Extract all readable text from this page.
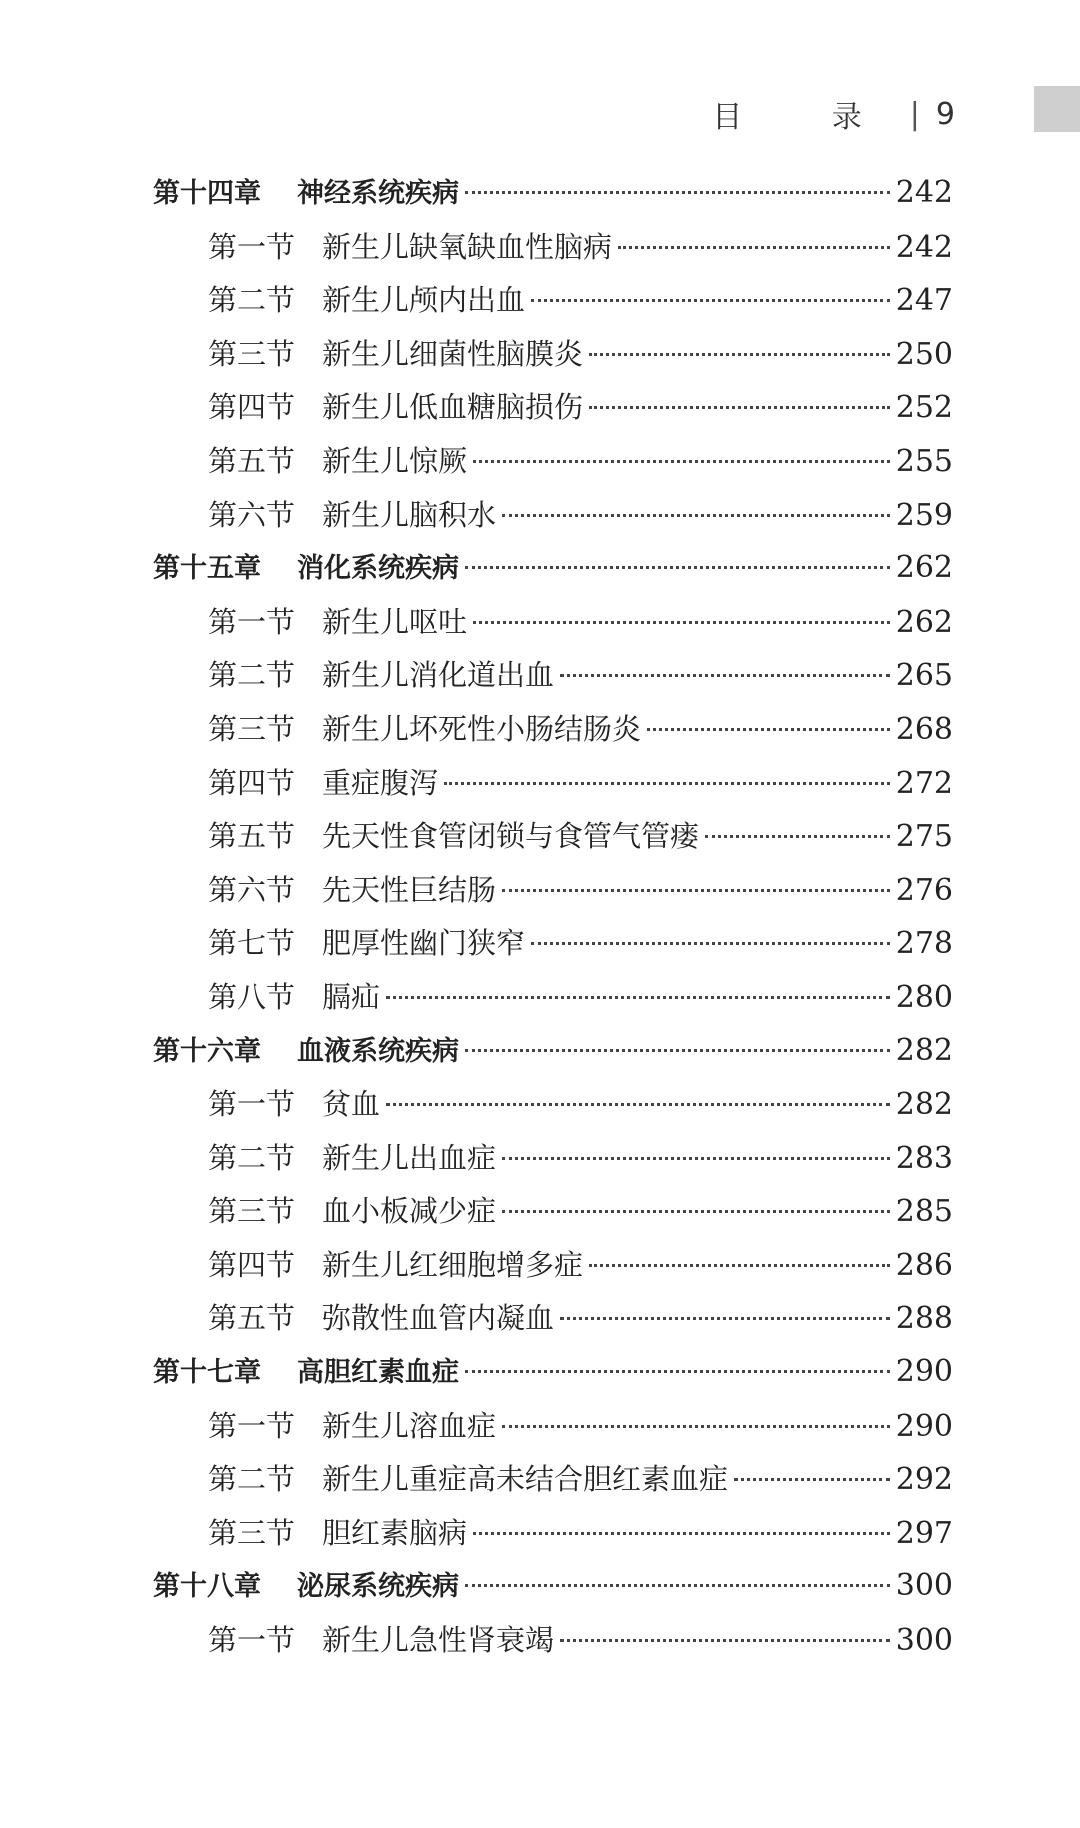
目 录 | 9
第十四章	神经系统疾病	242
第一节 新生儿缺氧缺血性脑病	242
第二节 新生儿颅内出血	247
第三节 新生儿细菌性脑膜炎	250
第四节 新生儿低血糖脑损伤	252
第五节 新生儿惊厥	255
第六节 新生儿脑积水	259
第十五章	消化系统疾病	262
第一节 新生儿呕吐	262
第二节 新生儿消化道出血	265
第三节 新生儿坏死性小肠结肠炎	268
第四节 重症腹泻	272
第五节 先天性食管闭锁与食管气管瘘	275
第六节 先天性巨结肠	276
第七节 肥厚性幽门狭窄	278
第八节 膈疝	280
第十六章	血液系统疾病	282
第一节 贫血	282
第二节 新生儿出血症	283
第三节 血小板减少症	285
第四节 新生儿红细胞增多症	286
第五节 弥散性血管内凝血	288
第十七章	高胆红素血症	290
第一节 新生儿溶血症	290
第二节 新生儿重症高未结合胆红素血症	292
第三节 胆红素脑病	297
第十八章	泌尿系统疾病	300
第一节 新生儿急性肾衰竭	300
